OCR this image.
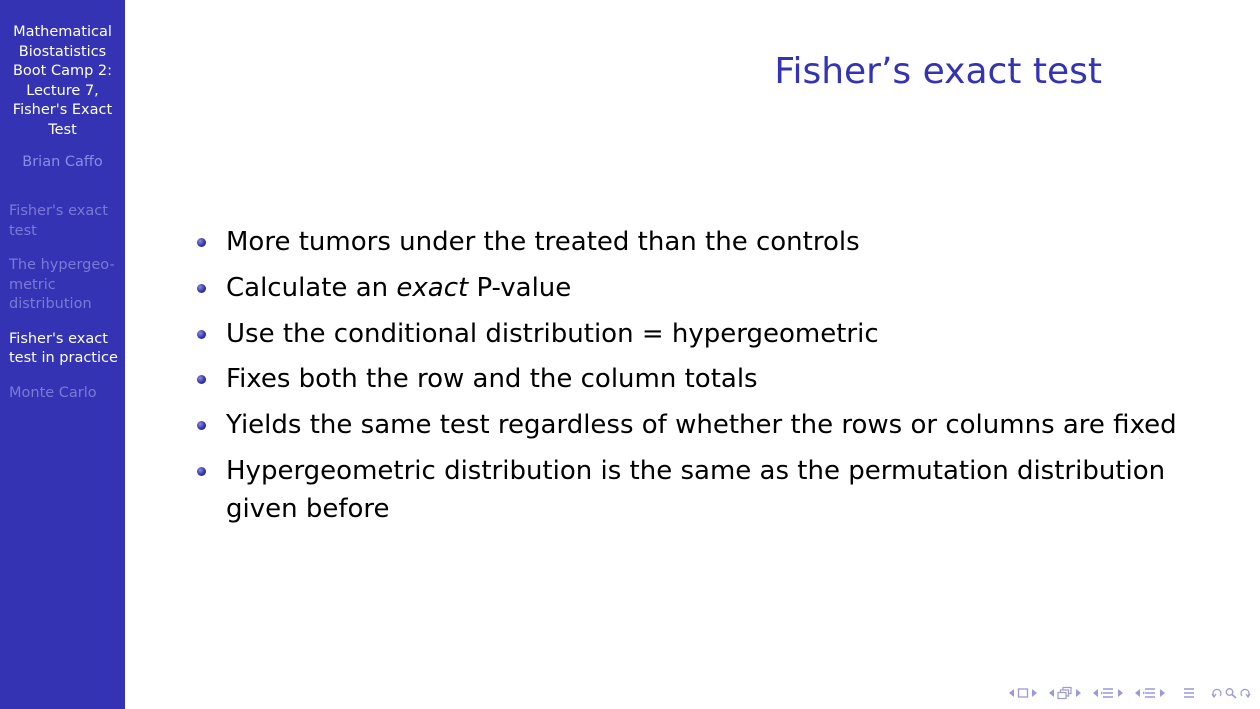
Mathematical Biostatistics Boot Camp 2: Lecture 7, Fisher's Exact Test
Brian Caffo
Fisher's exact test
The hypergeo-metric distribution
Fisher's exact test in practice
Monte Carlo
Fisher’s exact test
More tumors under the treated than the controls
Calculate an exact P-value
Use the conditional distribution = hypergeometric
Fixes both the row and the column totals
Yields the same test regardless of whether the rows or columns are fixed
Hypergeometric distribution is the same as the permutation distribution given before
